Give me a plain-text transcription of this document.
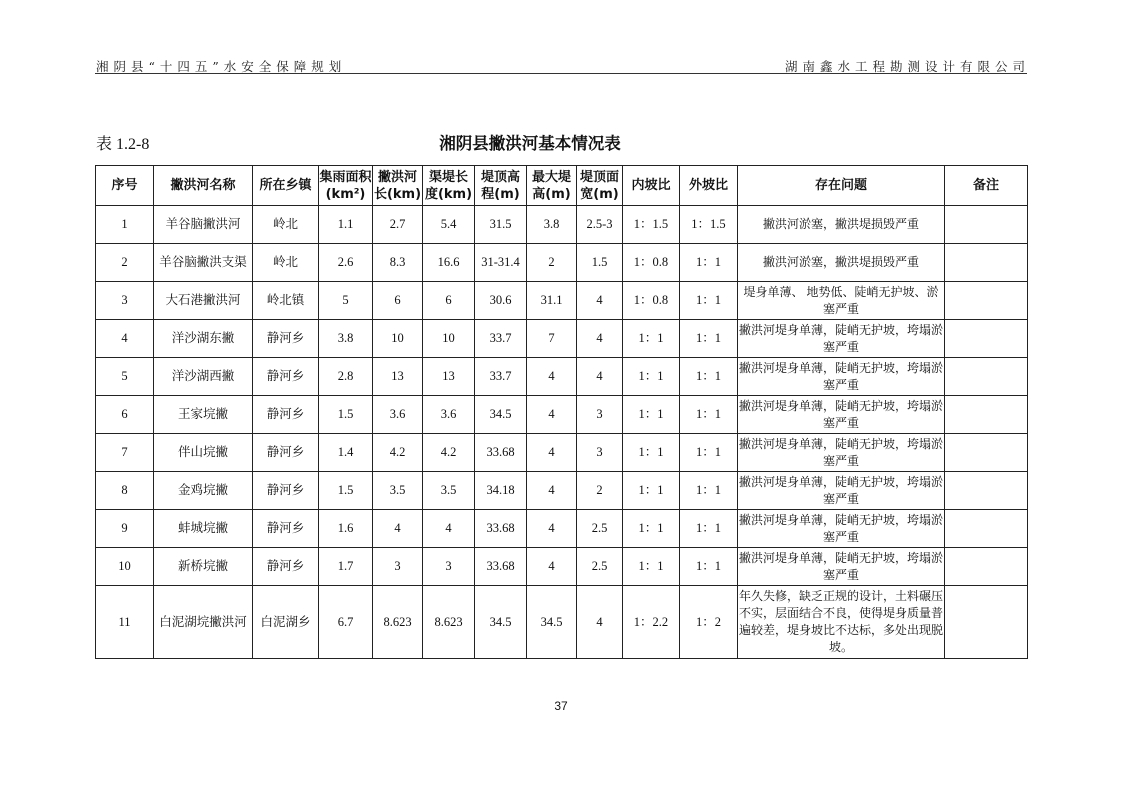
湘阴县“十四五”水安全保障规划	湖南鑫水工程勘测设计有限公司
表 1.2-8	湘阴县撇洪河基本情况表
序号	撇洪河名称	所在乡镇	集雨面积(km²)	撇洪河长(km)	渠堤长度(km)	堤顶高程(m)	最大堤高(m)	堤顶面宽(m)	内坡比	外坡比	存在问题	备注
1	羊谷脑撇洪河	岭北	1.1	2.7	5.4	31.5	3.8	2.5-3	1：1.5	1：1.5	撇洪河淤塞，撇洪堤损毁严重	
2	羊谷脑撇洪支渠	岭北	2.6	8.3	16.6	31-31.4	2	1.5	1：0.8	1：1	撇洪河淤塞，撇洪堤损毁严重	
3	大石港撇洪河	岭北镇	5	6	6	30.6	31.1	4	1：0.8	1：1	堤身单薄、 地势低、陡峭无护坡、淤塞严重	
4	洋沙湖东撇	静河乡	3.8	10	10	33.7	7	4	1：1	1：1	撇洪河堤身单薄，陡峭无护坡，垮塌淤塞严重	
5	洋沙湖西撇	静河乡	2.8	13	13	33.7	4	4	1：1	1：1	撇洪河堤身单薄，陡峭无护坡，垮塌淤塞严重	
6	王家垸撇	静河乡	1.5	3.6	3.6	34.5	4	3	1：1	1：1	撇洪河堤身单薄，陡峭无护坡，垮塌淤塞严重	
7	伴山垸撇	静河乡	1.4	4.2	4.2	33.68	4	3	1：1	1：1	撇洪河堤身单薄，陡峭无护坡，垮塌淤塞严重	
8	金鸡垸撇	静河乡	1.5	3.5	3.5	34.18	4	2	1：1	1：1	撇洪河堤身单薄，陡峭无护坡，垮塌淤塞严重	
9	蚌城垸撇	静河乡	1.6	4	4	33.68	4	2.5	1：1	1：1	撇洪河堤身单薄，陡峭无护坡，垮塌淤塞严重	
10	新桥垸撇	静河乡	1.7	3	3	33.68	4	2.5	1：1	1：1	撇洪河堤身单薄，陡峭无护坡，垮塌淤塞严重	
11	白泥湖垸撇洪河	白泥湖乡	6.7	8.623	8.623	34.5	34.5	4	1：2.2	1：2	年久失修，缺乏正规的设计，土料碾压不实，层面结合不良，使得堤身质量普遍较差，堤身坡比不达标，多处出现脱坡。	
37
